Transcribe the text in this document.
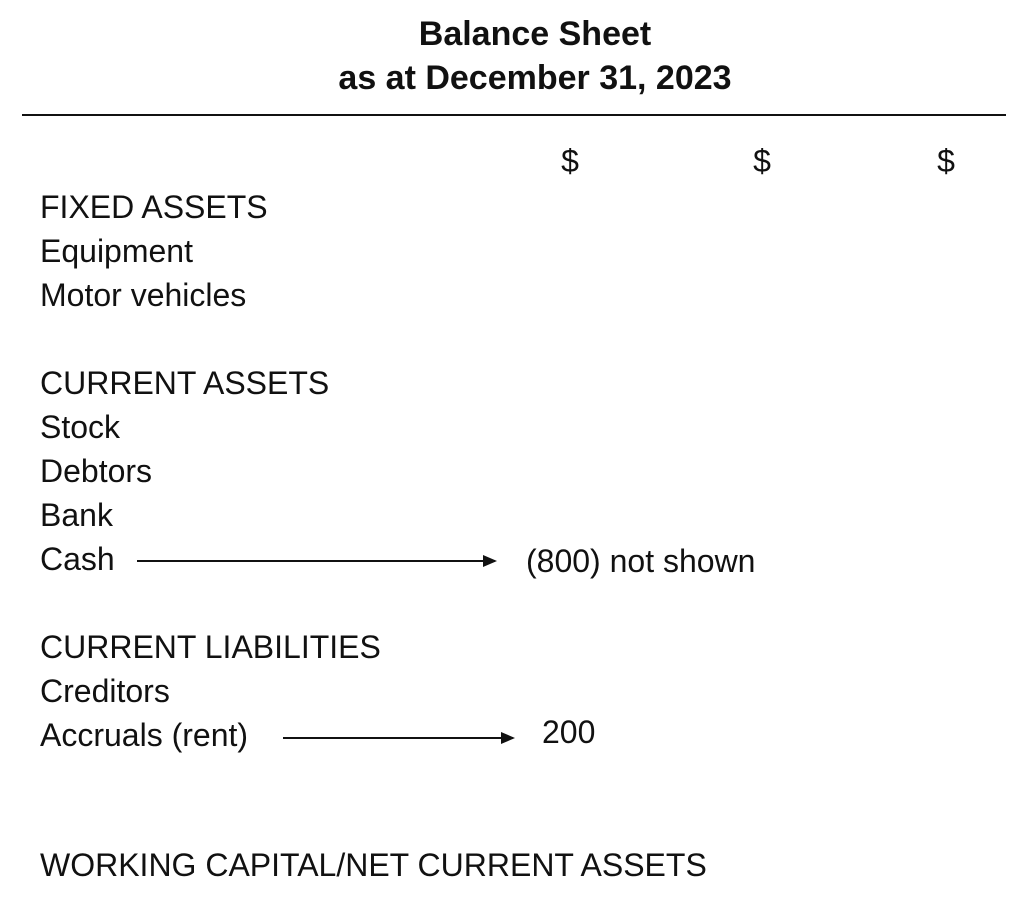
Balance Sheet
as at December 31, 2023
$	$	$
FIXED ASSETS
Equipment
Motor vehicles
CURRENT ASSETS
Stock
Debtors
Bank
Cash	(800) not shown
CURRENT LIABILITIES
Creditors
Accruals (rent)	200
WORKING CAPITAL/NET CURRENT ASSETS
